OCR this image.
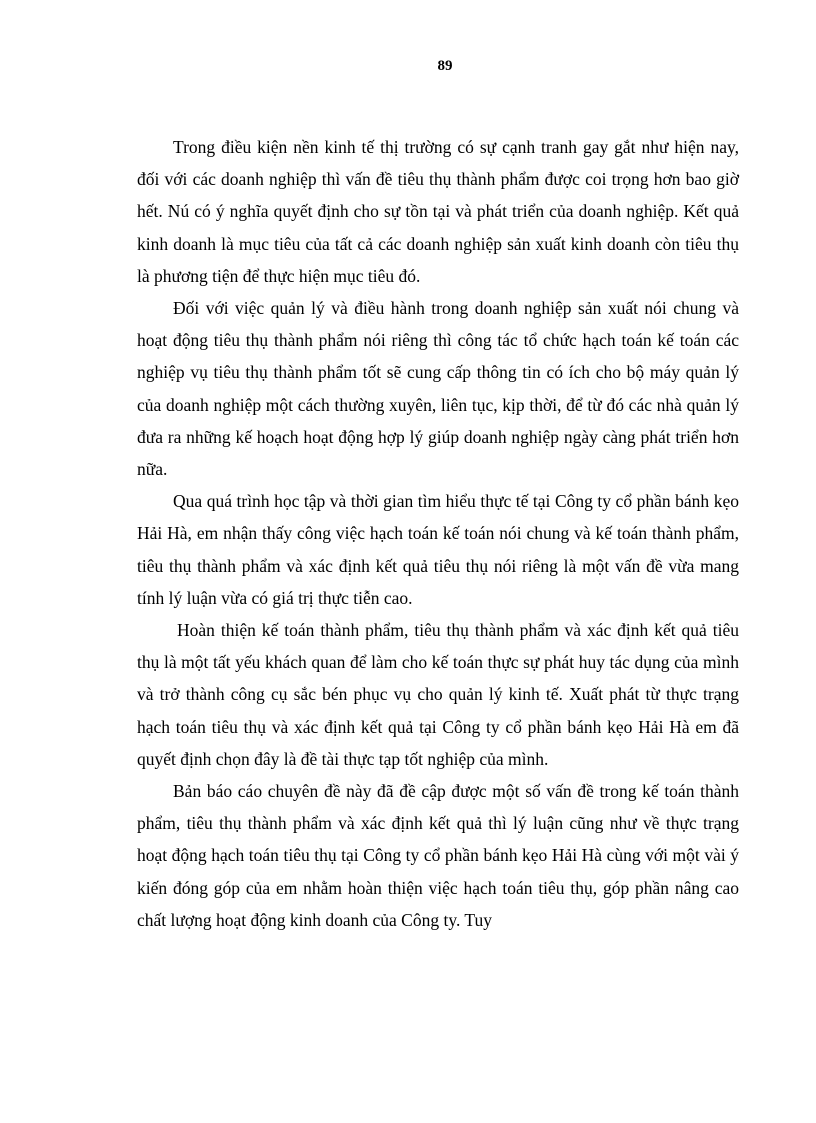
89

Trong điều kiện nền kinh tế thị trường có sự cạnh tranh gay gắt như hiện nay, đối với các doanh nghiệp thì vấn đề tiêu thụ thành phẩm được coi trọng hơn bao giờ hết. Nú có ý nghĩa quyết định cho sự tồn tại và phát triển của doanh nghiệp. Kết quả kinh doanh là mục tiêu của tất cả các doanh nghiệp sản xuất kinh doanh còn tiêu thụ là phương tiện để thực hiện mục tiêu đó.

Đối với việc quản lý và điều hành trong doanh nghiệp sản xuất nói chung và hoạt động tiêu thụ thành phẩm nói riêng thì công tác tổ chức hạch toán kế toán các nghiệp vụ tiêu thụ thành phẩm tốt sẽ cung cấp thông tin có ích cho bộ máy quản lý của doanh nghiệp một cách thường xuyên, liên tục, kịp thời, để từ đó các nhà quản lý đưa ra những kế hoạch hoạt động hợp lý giúp doanh nghiệp ngày càng phát triển hơn nữa.

Qua quá trình học tập và thời gian tìm hiểu thực tế tại Công ty cổ phần bánh kẹo Hải Hà, em nhận thấy công việc hạch toán kế toán nói chung và kế toán thành phẩm, tiêu thụ thành phẩm và xác định kết quả tiêu thụ nói riêng là một vấn đề vừa mang tính lý luận vừa có giá trị thực tiễn cao.

Hoàn thiện kế toán thành phẩm, tiêu thụ thành phẩm và xác định kết quả tiêu thụ là một tất yếu khách quan để làm cho kế toán thực sự phát huy tác dụng của mình và trở thành công cụ sắc bén phục vụ cho quản lý kinh tế. Xuất phát từ thực trạng hạch toán tiêu thụ và xác định kết quả tại Công ty cổ phần bánh kẹo Hải Hà em đã quyết định chọn đây là đề tài thực tạp tốt nghiệp của mình.

Bản báo cáo chuyên đề này đã đề cập được một số vấn đề trong kế toán thành phẩm, tiêu thụ thành phẩm và xác định kết quả thì lý luận cũng như về thực trạng hoạt động hạch toán tiêu thụ tại Công ty cổ phần bánh kẹo Hải Hà cùng với một vài ý kiến đóng góp của em nhằm hoàn thiện việc hạch toán tiêu thụ, góp phần nâng cao chất lượng hoạt động kinh doanh của Công ty. Tuy
